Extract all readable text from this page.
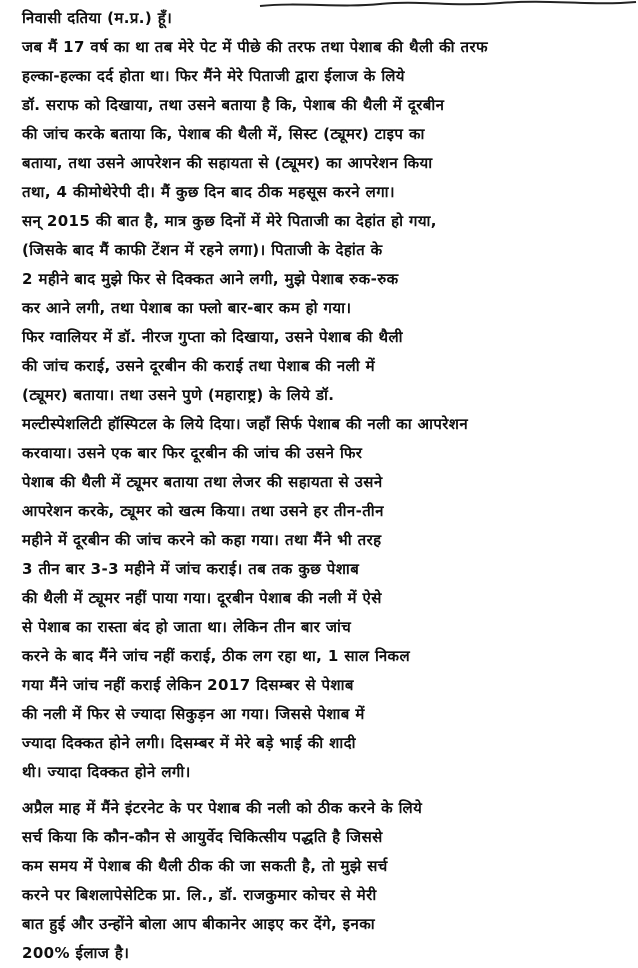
निवासी दतिया (म.प्र.) हूँ।
जब मैं 17 वर्ष का था तब मेरे पेट में पीछे की तरफ तथा पेशाब की थैली की तरफ
हल्का-हल्का दर्द होता था। फिर मैंने मेरे पिताजी द्वारा ईलाज के लिये
डॉ. सराफ को दिखाया, तथा उसने बताया है कि, पेशाब की थैली में दूरबीन
की जांच करके बताया कि, पेशाब की थैली में, सिस्ट (ट्यूमर) टाइप का
बताया, तथा उसने आपरेशन की सहायता से (ट्यूमर) का आपरेशन किया
तथा, 4 कीमोथेरेपी दी। मैं कुछ दिन बाद ठीक महसूस करने लगा।
सन् 2015 की बात है, मात्र कुछ दिनों में मेरे पिताजी का देहांत हो गया,
(जिसके बाद मैं काफी टेंशन में रहने लगा)। पिताजी के देहांत के
2 महीने बाद मुझे फिर से दिक्कत आने लगी, मुझे पेशाब रुक-रुक
कर आने लगी, तथा पेशाब का फ्लो बार-बार कम हो गया।
फिर ग्वालियर में डॉ. नीरज गुप्ता को दिखाया, उसने पेशाब की थैली
की जांच कराई, उसने दूरबीन की कराई तथा पेशाब की नली में
(ट्यूमर) बताया। तथा उसने पुणे (महाराष्ट्र) के लिये डॉ.
मल्टीस्पेशलिटी हॉस्पिटल के लिये दिया। जहाँ सिर्फ पेशाब की नली का आपरेशन
करवाया। उसने एक बार फिर दूरबीन की जांच की उसने फिर
पेशाब की थैली में ट्यूमर बताया तथा लेजर की सहायता से उसने
आपरेशन करके, ट्यूमर को खत्म किया। तथा उसने हर तीन-तीन
महीने में दूरबीन की जांच करने को कहा गया। तथा मैंने भी तरह
3 तीन बार 3-3 महीने में जांच कराई। तब तक कुछ पेशाब
की थैली में ट्यूमर नहीं पाया गया। दूरबीन पेशाब की नली में ऐसे
से पेशाब का रास्ता बंद हो जाता था। लेकिन तीन बार जांच
करने के बाद मैंने जांच नहीं कराई, ठीक लग रहा था, 1 साल निकल
गया मैंने जांच नहीं कराई लेकिन 2017 दिसम्बर से पेशाब
की नली में फिर से ज्यादा सिकुड़न आ गया। जिससे पेशाब में
ज्यादा दिक्कत होने लगी। दिसम्बर में मेरे बड़े भाई की शादी
थी। ज्यादा दिक्कत होने लगी।
अप्रैल माह में मैंने इंटरनेट के पर पेशाब की नली को ठीक करने के लिये
सर्च किया कि कौन-कौन से आयुर्वेद चिकित्सीय पद्धति है जिससे
कम समय में पेशाब की थैली ठीक की जा सकती है, तो मुझे सर्च
करने पर बिशलापेसेटिक प्रा. लि., डॉ. राजकुमार कोचर से मेरी
बात हुई और उन्होंने बोला आप बीकानेर आइए कर देंगे, इनका
200% ईलाज है।
